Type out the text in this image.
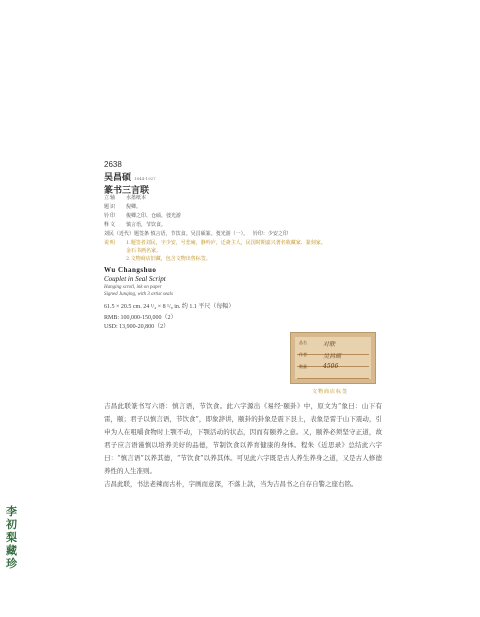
2638
吴昌硕 1844-1927
篆书三言联
立轴 水墨纸本
题识 倪卿。
钤印 俊卿之印、仓硕、弢光游
释文 慎言语，节饮食。
刘民（近代）题签条 慎言语，节饮食。吴昌硕篆。弢光游（一）。 钤印：少安之印
说明 1.题签者刘民，字少安，号悲庵，静吟庐，迁斋主人，民国时期嘉兴著名收藏家、篆刻家。
金石书画名家。
2.文物商店旧藏，包含文物出售标签。
Wu Changshuo
Couplet in Seal Script
Hanging scroll, ink on paper
Signed Junqing, with 3 artist seals
61.5 × 20.5 cm. 24 ¹/₄ × 8 ¹/₈ in. 约 1.1 平尺（每幅）
RMB: 100,000-150,000（2）
USD: 13,900-20,800（2）
品名	对联
作者	吴昌硕
数量	4506
文物商店标签

吉昌此联篆书写六语：慎言语，节饮食。此六字源出《易经·颐卦》中，原文为“象曰：山下有雷，颐；君子以慎言语，节饮食”，即象辞讲，颐卦的卦象是震下艮上，表象是雷于山下震动，引申为人在咀嚼食物时上颚不动，下颚活动的状态，因而有颐养之意。又，颐养必须坚守正道，故君子应言语谨慎以培养美好的品德，节制饮食以养育健康的身体。程朱《近思录》总结此六字曰：“慎言语”以养其德，“节饮食”以养其体。可见此六字既是古人养生养身之道，又是古人修德养性的人生准则。

吉昌此联，书法老辣而古朴，字画而意深，不落上款，当为吉昌书之自存自警之座右铭。

李初梨藏珍
